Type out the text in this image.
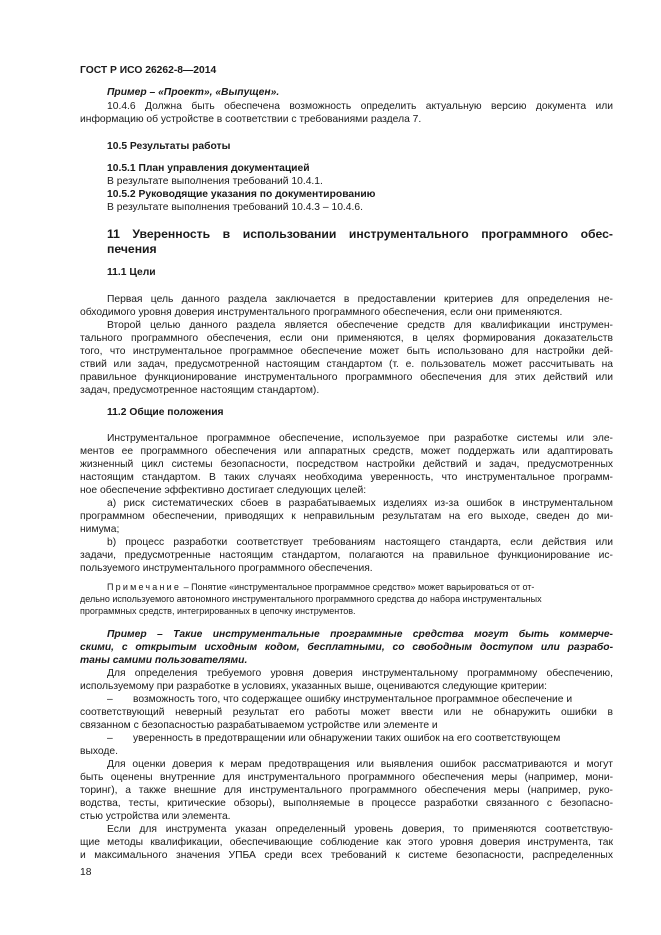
ГОСТ Р ИСО 26262-8—2014
Пример – «Проект», «Выпущен».
10.4.6 Должна быть обеспечена возможность определить актуальную версию документа или
информацию об устройстве в соответствии с требованиями раздела 7.
10.5 Результаты работы
10.5.1 План управления документацией
В результате выполнения требований 10.4.1.
10.5.2 Руководящие указания по документированию
В результате выполнения требований 10.4.3 – 10.4.6.
11 Уверенность в использовании инструментального программного обес-
печения
11.1 Цели
Первая цель данного раздела заключается в предоставлении критериев для определения не-
обходимого уровня доверия инструментального программного обеспечения, если они применяются.
Второй целью данного раздела является обеспечение средств для квалификации инструмен-
тального программного обеспечения, если они применяются, в целях формирования доказательств
того, что инструментальное программное обеспечение может быть использовано для настройки дей-
ствий или задач, предусмотренной настоящим стандартом (т. е. пользователь может рассчитывать на
правильное функционирование инструментального программного обеспечения для этих действий или
задач, предусмотренное настоящим стандартом).
11.2 Общие положения
Инструментальное программное обеспечение, используемое при разработке системы или эле-
ментов ее программного обеспечения или аппаратных средств, может поддержать или адаптировать
жизненный цикл системы безопасности, посредством настройки действий и задач, предусмотренных
настоящим стандартом. В таких случаях необходима уверенность, что инструментальное программ-
ное обеспечение эффективно достигает следующих целей:
а) риск систематических сбоев в разрабатываемых изделиях из-за ошибок в инструментальном
программном обеспечении, приводящих к неправильным результатам на его выходе, сведен до ми-
нимума;
b) процесс разработки соответствует требованиям настоящего стандарта, если действия или
задачи, предусмотренные настоящим стандартом, полагаются на правильное функционирование ис-
пользуемого инструментального программного обеспечения.
Примечание – Понятие «инструментальное программное средство» может варьироваться от от-
дельно используемого автономного инструментального программного средства до набора инструментальных
программных средств, интегрированных в цепочку инструментов.
Пример – Такие инструментальные программные средства могут быть коммерче-
скими, с открытым исходным кодом, бесплатными, со свободным доступом или разрабо-
таны самими пользователями.
Для определения требуемого уровня доверия инструментальному программному обеспечению,
используемому при разработке в условиях, указанных выше, оцениваются следующие критерии:
– возможность того, что содержащее ошибку инструментальное программное обеспечение и
соответствующий неверный результат его работы может ввести или не обнаружить ошибки в
связанном с безопасностью разрабатываемом устройстве или элементе и
– уверенность в предотвращении или обнаружении таких ошибок на его соответствующем
выходе.
Для оценки доверия к мерам предотвращения или выявления ошибок рассматриваются и могут
быть оценены внутренние для инструментального программного обеспечения меры (например, мони-
торинг), а также внешние для инструментального программного обеспечения меры (например, руко-
водства, тесты, критические обзоры), выполняемые в процессе разработки связанного с безопасно-
стью устройства или элемента.
Если для инструмента указан определенный уровень доверия, то применяются соответствую-
щие методы квалификации, обеспечивающие соблюдение как этого уровня доверия инструмента, так
и максимального значения УПБА среди всех требований к системе безопасности, распределенных
18
